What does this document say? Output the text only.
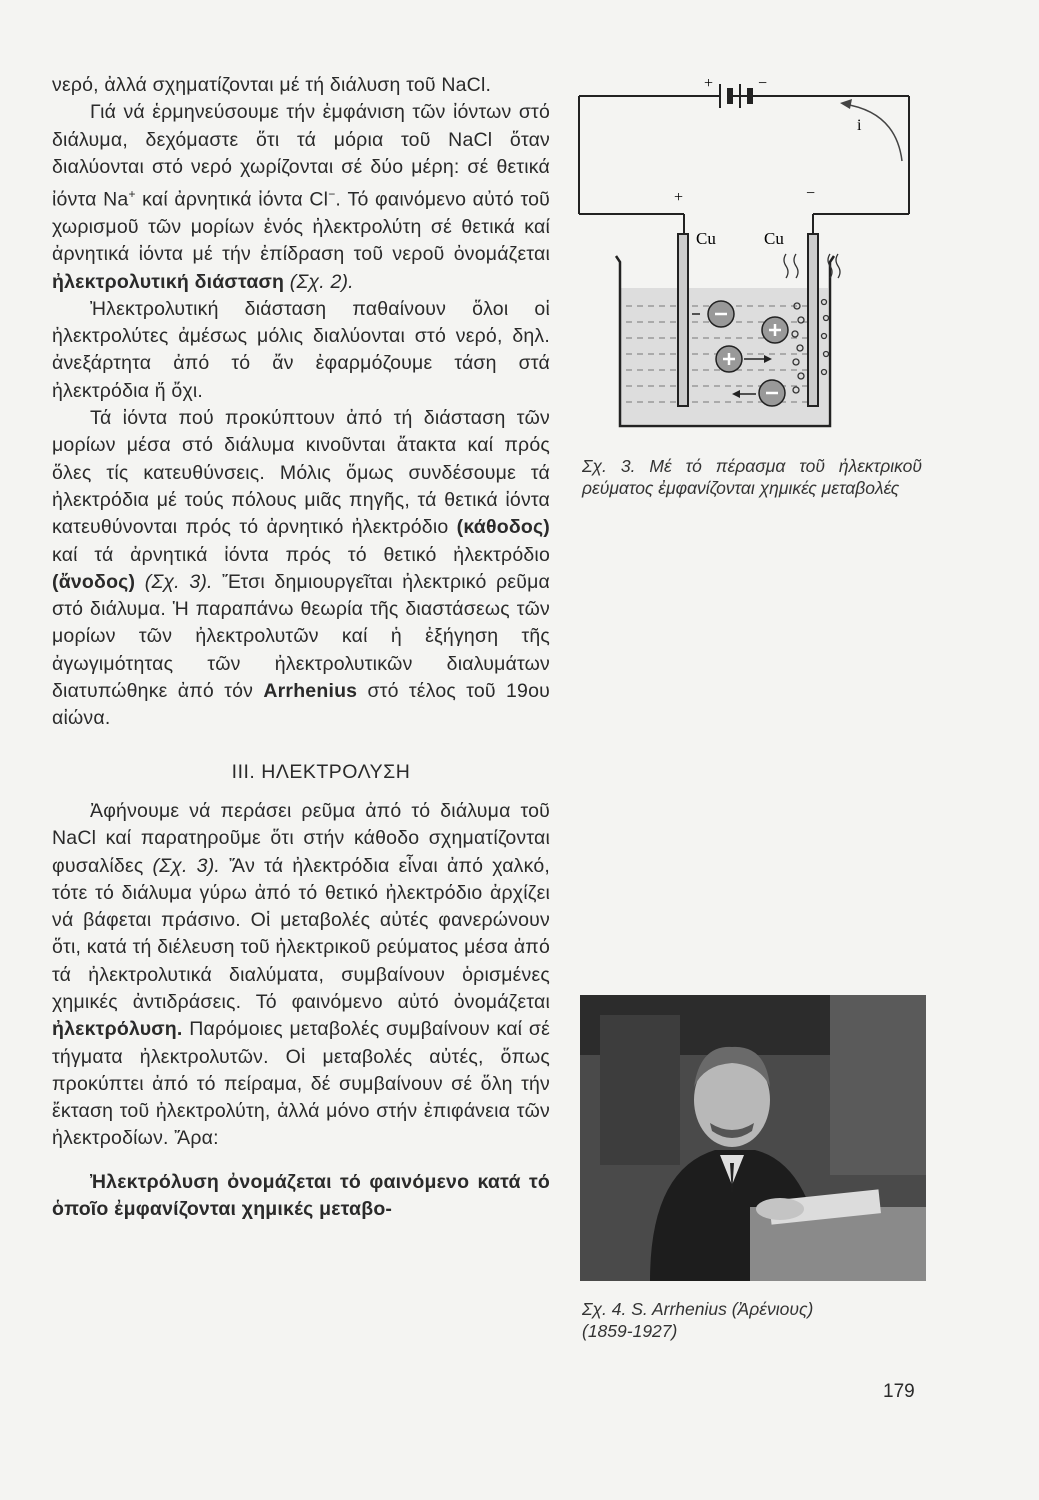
νερό, ἀλλά σχηματίζονται μέ τή διάλυση τοῦ NaCl.

Γιά νά ἑρμηνεύσουμε τήν ἐμφάνιση τῶν ἰόντων στό διάλυμα, δεχόμαστε ὅτι τά μόρια τοῦ NaCl ὅταν διαλύονται στό νερό χωρίζονται σέ δύο μέρη: σέ θετικά ἰόντα Na+ καί ἀρνητικά ἰόντα Cl−. Τό φαινόμενο αὐτό τοῦ χωρισμοῦ τῶν μορίων ἑνός ἠλεκτρολύτη σέ θετικά καί ἀρνητικά ἰόντα μέ τήν ἐπίδραση τοῦ νεροῦ ὀνομάζεται ἠλεκτρολυτική διάσταση (Σχ. 2).

Ἠλεκτρολυτική διάσταση παθαίνουν ὅλοι οἱ ἠλεκτρολύτες ἀμέσως μόλις διαλύονται στό νερό, δηλ. ἀνεξάρτητα ἀπό τό ἄν ἐφαρμόζουμε τάση στά ἠλεκτρόδια ἤ ὄχι.

Τά ἰόντα πού προκύπτουν ἀπό τή διάσταση τῶν μορίων μέσα στό διάλυμα κινοῦνται ἄτακτα καί πρός ὅλες τίς κατευθύνσεις. Μόλις ὅμως συνδέσουμε τά ἠλεκτρόδια μέ τούς πόλους μιᾶς πηγῆς, τά θετικά ἰόντα κατευθύνονται πρός τό ἀρνητικό ἠλεκτρόδιο (κάθοδος) καί τά ἀρνητικά ἰόντα πρός τό θετικό ἠλεκτρόδιο (ἄνοδος) (Σχ. 3). Ἔτσι δημιουργεῖται ἠλεκτρικό ρεῦμα στό διάλυμα. Ἡ παραπάνω θεωρία τῆς διαστάσεως τῶν μορίων τῶν ἠλεκτρολυτῶν καί ἡ ἐξήγηση τῆς ἀγωγιμότητας τῶν ἠλεκτρολυτικῶν διαλυμάτων διατυπώθηκε ἀπό τόν Arrhenius στό τέλος τοῦ 19ου αἰώνα.

III. ΗΛΕΚΤΡΟΛΥΣΗ

Ἀφήνουμε νά περάσει ρεῦμα ἀπό τό διάλυμα τοῦ NaCl καί παρατηροῦμε ὅτι στήν κάθοδο σχηματίζονται φυσαλίδες (Σχ. 3). Ἄν τά ἠλεκτρόδια εἶναι ἀπό χαλκό, τότε τό διάλυμα γύρω ἀπό τό θετικό ἠλεκτρόδιο ἀρχίζει νά βάφεται πράσινο. Οἱ μεταβολές αὐτές φανερώνουν ὅτι, κατά τή διέλευση τοῦ ἠλεκτρικοῦ ρεύματος μέσα ἀπό τά ἠλεκτρολυτικά διαλύματα, συμβαίνουν ὁρισμένες χημικές ἀντιδράσεις. Τό φαινόμενο αὐτό ὀνομάζεται ἠλεκτρόλυση. Παρόμοιες μεταβολές συμβαίνουν καί σέ τήγματα ἠλεκτρολυτῶν. Οἱ μεταβολές αὐτές, ὅπως προκύπτει ἀπό τό πείραμα, δέ συμβαίνουν σέ ὅλη τήν ἔκταση τοῦ ἠλεκτρολύτη, ἀλλά μόνο στήν ἐπιφάνεια τῶν ἠλεκτροδίων. Ἄρα:

Ἠλεκτρόλυση ὀνομάζεται τό φαινόμενο κατά τό ὁποῖο ἐμφανίζονται χημικές μεταβο-

+	−
i
+	−
Cu	Cu
Σχ. 3. Μέ τό πέρασμα τοῦ ἠλεκτρικοῦ ρεύματος ἐμφανίζονται χημικές μεταβολές
Σχ. 4. S. Arrhenius (Ἀρένιους)
(1859-1927)
179
